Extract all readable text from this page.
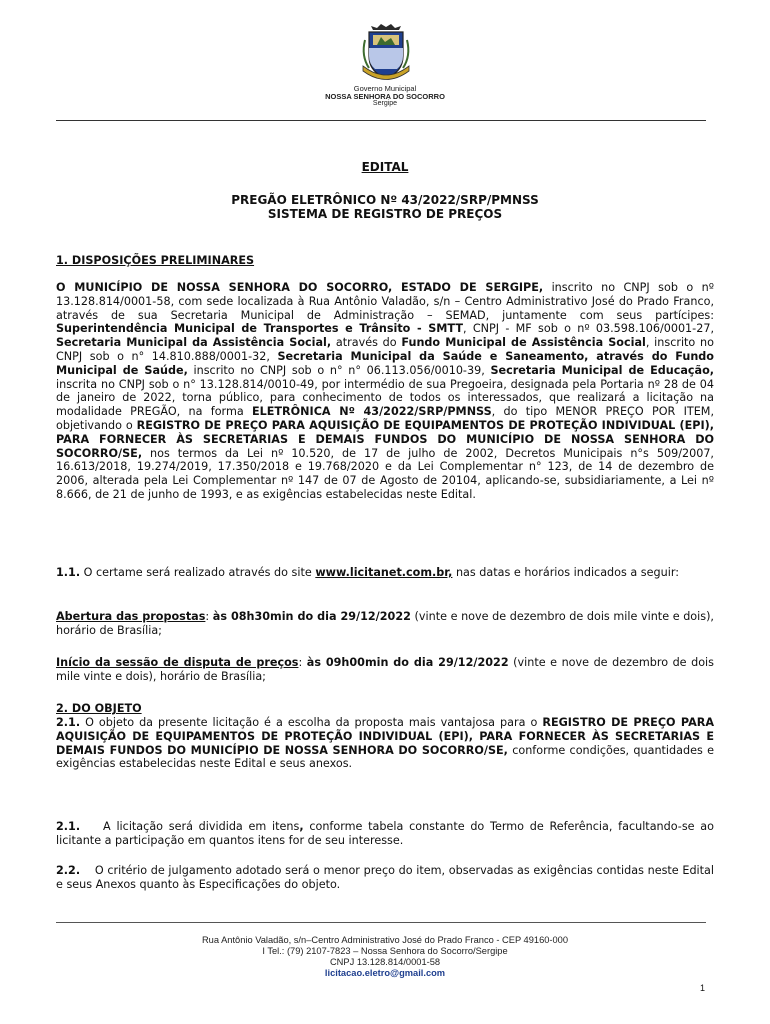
Governo Municipal
NOSSA SENHORA DO SOCORRO
Sergipe
EDITAL
PREGÃO ELETRÔNICO Nº 43/2022/SRP/PMNSS
SISTEMA DE REGISTRO DE PREÇOS
1. DISPOSIÇÕES PRELIMINARES
O MUNICÍPIO DE NOSSA SENHORA DO SOCORRO, ESTADO DE SERGIPE, inscrito no CNPJ sob o nº 13.128.814/0001-58, com sede localizada à Rua Antônio Valadão, s/n – Centro Administrativo José do Prado Franco, através de sua Secretaria Municipal de Administração – SEMAD, juntamente com seus partícipes: Superintendência Municipal de Transportes e Trânsito - SMTT, CNPJ - MF sob o nº 03.598.106/0001-27, Secretaria Municipal da Assistência Social, através do Fundo Municipal de Assistência Social, inscrito no CNPJ sob o n° 14.810.888/0001-32, Secretaria Municipal da Saúde e Saneamento, através do Fundo Municipal de Saúde, inscrito no CNPJ sob o n° n° 06.113.056/0010-39, Secretaria Municipal de Educação, inscrita no CNPJ sob o n° 13.128.814/0010-49, por intermédio de sua Pregoeira, designada pela Portaria nº 28 de 04 de janeiro de 2022, torna público, para conhecimento de todos os interessados, que realizará a licitação na modalidade PREGÃO, na forma ELETRÔNICA Nº 43/2022/SRP/PMNSS, do tipo MENOR PREÇO POR ITEM, objetivando o REGISTRO DE PREÇO PARA AQUISIÇÃO DE EQUIPAMENTOS DE PROTEÇÃO INDIVIDUAL (EPI), PARA FORNECER ÀS SECRETARIAS E DEMAIS FUNDOS DO MUNICÍPIO DE NOSSA SENHORA DO SOCORRO/SE, nos termos da Lei nº 10.520, de 17 de julho de 2002, Decretos Municipais n°s 509/2007, 16.613/2018, 19.274/2019, 17.350/2018 e 19.768/2020 e da Lei Complementar n° 123, de 14 de dezembro de 2006, alterada pela Lei Complementar nº 147 de 07 de Agosto de 20104, aplicando-se, subsidiariamente, a Lei nº 8.666, de 21 de junho de 1993, e as exigências estabelecidas neste Edital.
1.1. O certame será realizado através do site www.licitanet.com.br, nas datas e horários indicados a seguir:
Abertura das propostas: às 08h30min do dia 29/12/2022 (vinte e nove de dezembro de dois mile vinte e dois), horário de Brasília;
Início da sessão de disputa de preços: às 09h00min do dia 29/12/2022 (vinte e nove de dezembro de dois mile vinte e dois), horário de Brasília;
2. DO OBJETO
2.1. O objeto da presente licitação é a escolha da proposta mais vantajosa para o REGISTRO DE PREÇO PARA AQUISIÇÃO DE EQUIPAMENTOS DE PROTEÇÃO INDIVIDUAL (EPI), PARA FORNECER ÀS SECRETARIAS E DEMAIS FUNDOS DO MUNICÍPIO DE NOSSA SENHORA DO SOCORRO/SE, conforme condições, quantidades e exigências estabelecidas neste Edital e seus anexos.
2.1.    A licitação será dividida em itens, conforme tabela constante do Termo de Referência, facultando-se ao licitante a participação em quantos itens for de seu interesse.
2.2.    O critério de julgamento adotado será o menor preço do item, observadas as exigências contidas neste Edital e seus Anexos quanto às Especificações do objeto.
Rua Antônio Valadão, s/n–Centro Administrativo José do Prado Franco - CEP 49160-000
I Tel.: (79) 2107-7823 – Nossa Senhora do Socorro/Sergipe
CNPJ 13.128.814/0001-58
licitacao.eletro@gmail.com
1
